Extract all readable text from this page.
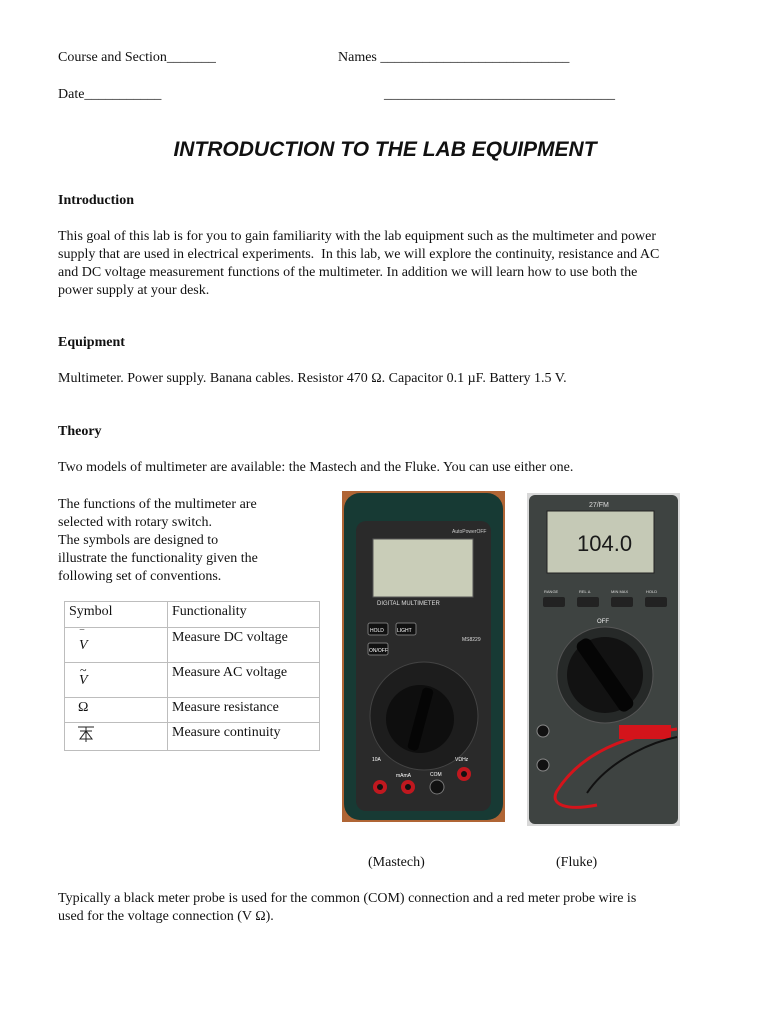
Course and Section_______	Names ___________________________
Date___________	_________________________________
INTRODUCTION TO THE LAB EQUIPMENT
Introduction
This goal of this lab is for you to gain familiarity with the lab equipment such as the multimeter and power
supply that are used in electrical experiments.  In this lab, we will explore the continuity, resistance and AC
and DC voltage measurement functions of the multimeter. In addition we will learn how to use both the
power supply at your desk.
Equipment
Multimeter. Power supply. Banana cables. Resistor 470 Ω. Capacitor 0.1 µF. Battery 1.5 V.
Theory
Two models of multimeter are available: the Mastech and the Fluke. You can use either one.
The functions of the multimeter are
selected with rotary switch.
The symbols are designed to
illustrate the functionality given the
following set of conventions.
Symbol	Functionality

‾
V	Measure DC voltage

~
V	Measure AC voltage
Ω	Measure resistance
	Measure continuity
AutoPowerOFF
DIGITAL MULTIMETER
HOLD	LIGHT
ON/OFF
MS8229
10A
mAmA	COM
VΩHz
27/FM
104.0
RANGE	REL Δ	MIN MAX	HOLD
OFF
(Mastech)	(Fluke)
Typically a black meter probe is used for the common (COM) connection and a red meter probe wire is
used for the voltage connection (V Ω).
